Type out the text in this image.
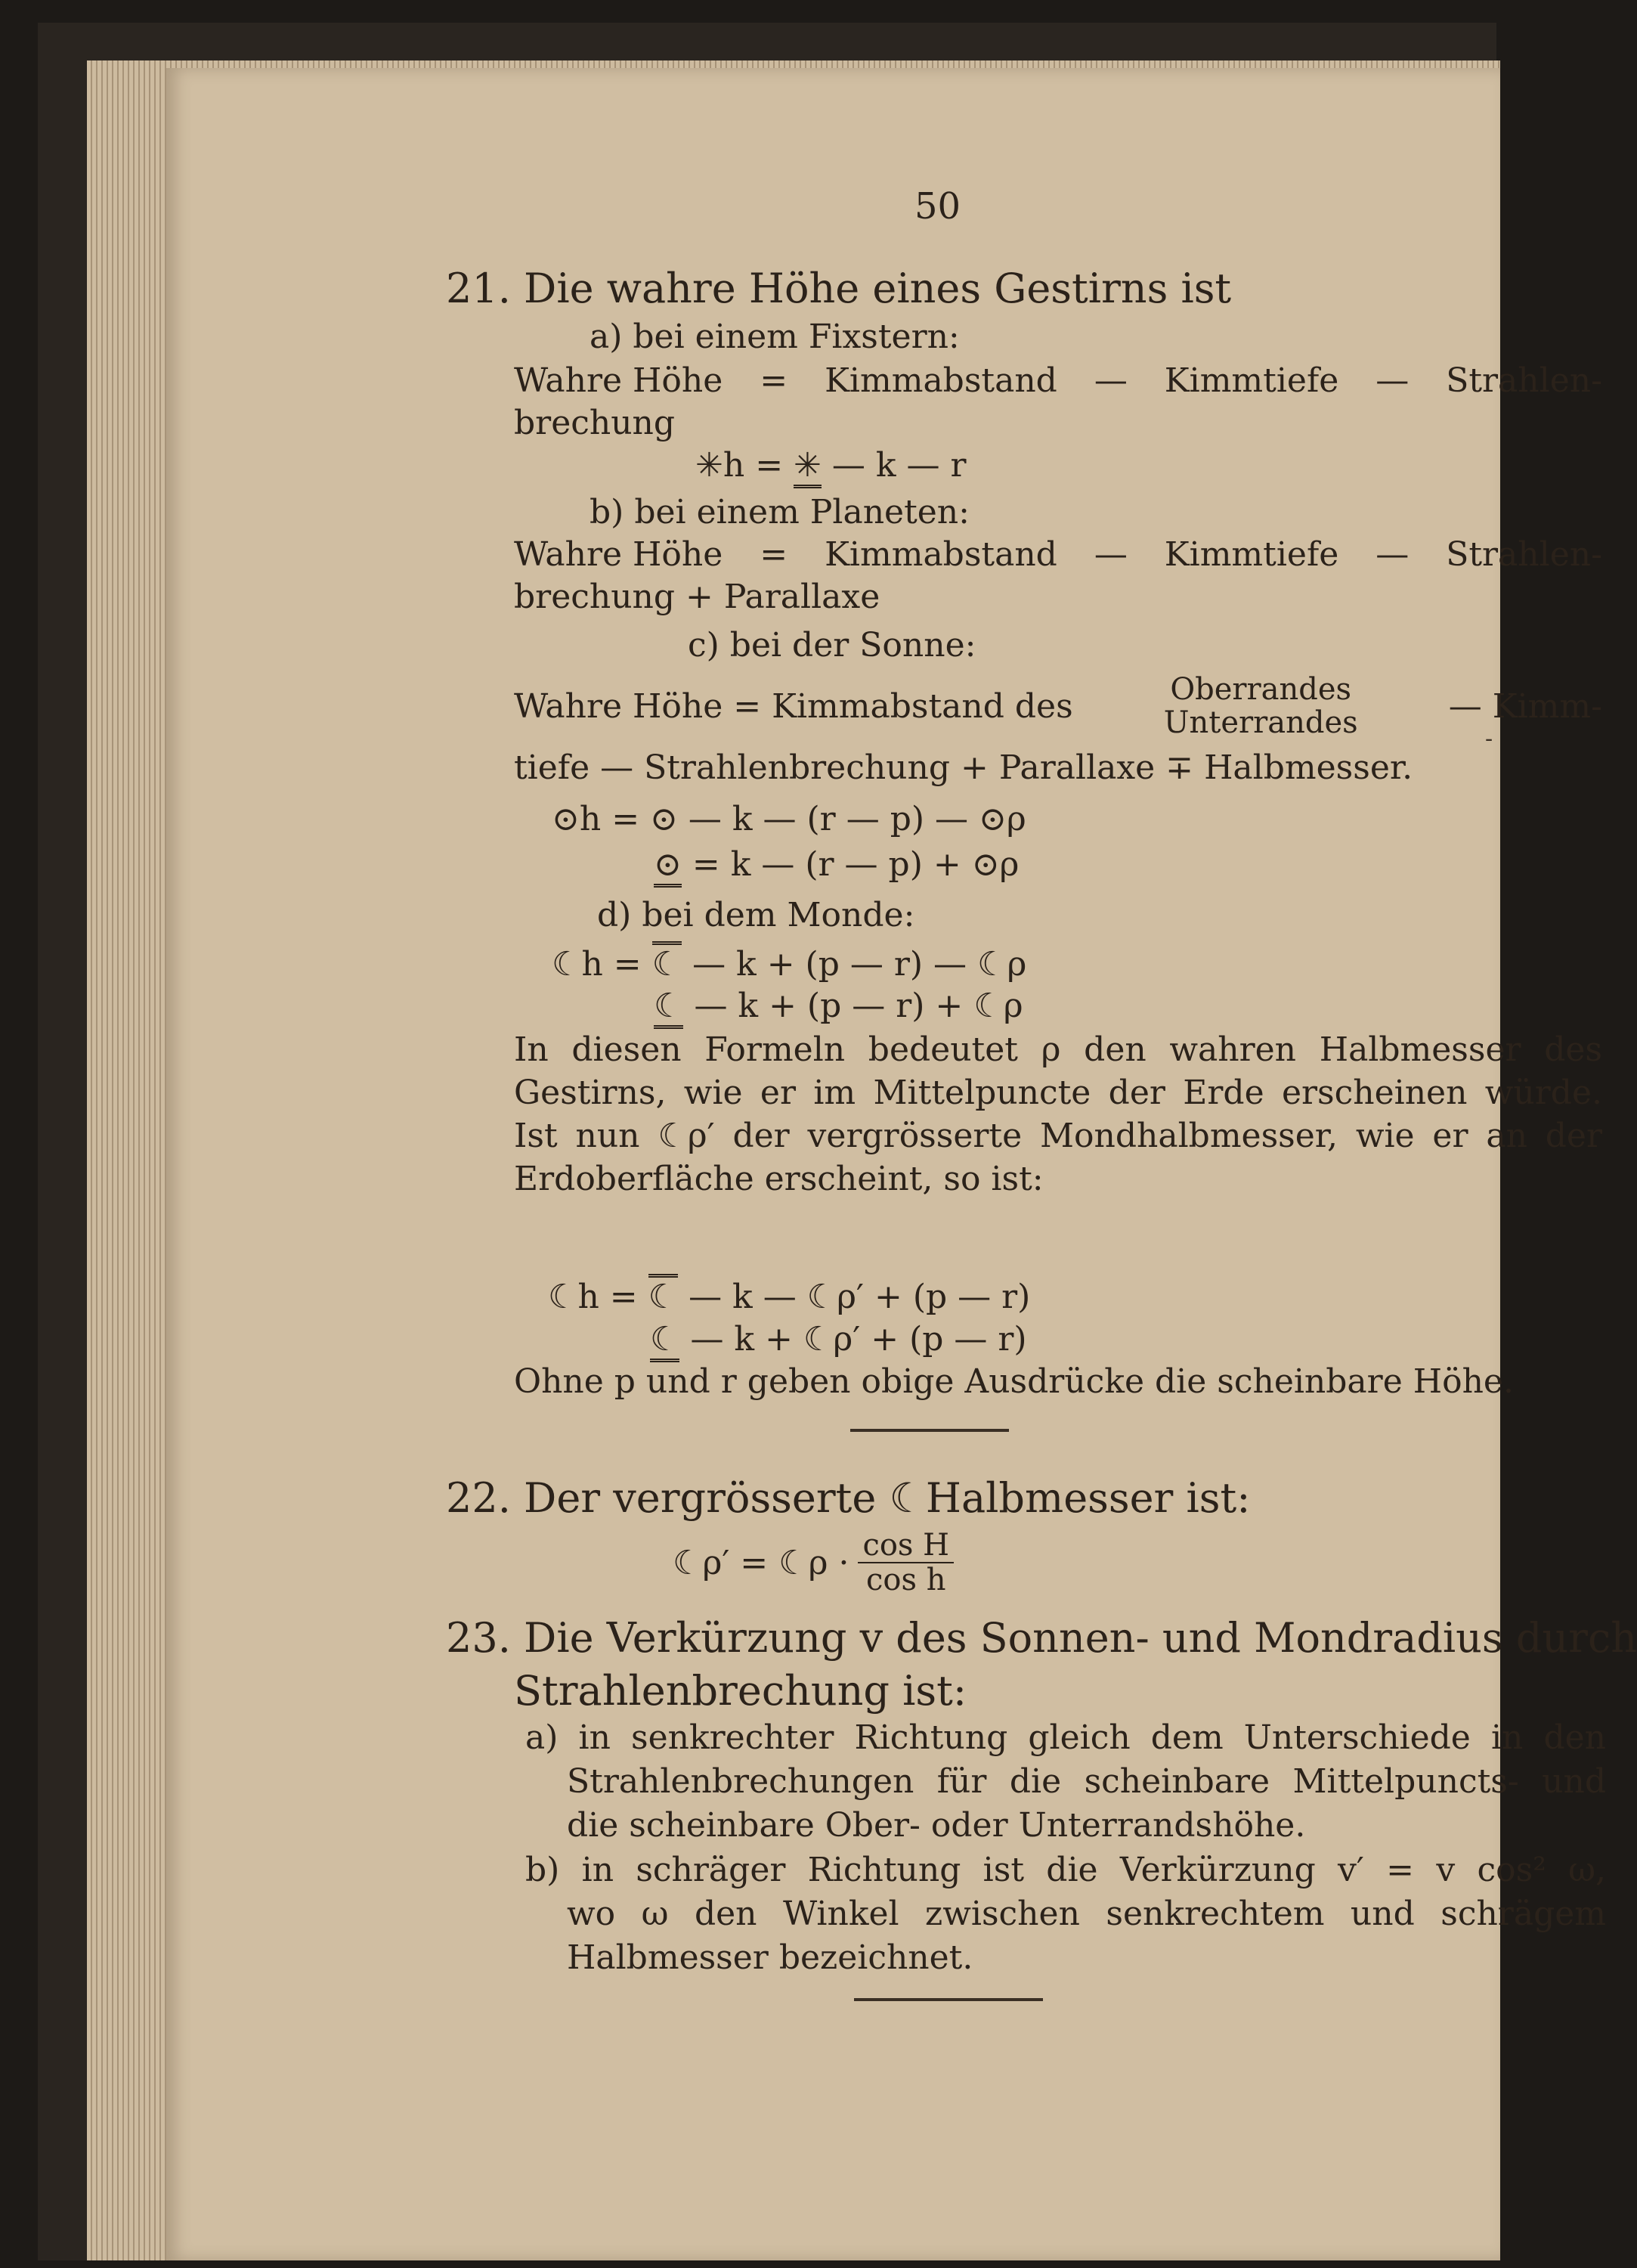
50
21. Die wahre Höhe eines Gestirns ist
a) bei einem Fixstern:
Wahre Höhe = Kimmabstand — Kimmtiefe — Strahlen-
brechung
✳h = ✳ — k — r
b) bei einem Planeten:
Wahre Höhe = Kimmabstand — Kimmtiefe — Strahlen-
brechung + Parallaxe
c) bei der Sonne:
Wahre Höhe = Kimmabstand des	Oberrandes
Unterrandes	— Kimm-
tiefe — Strahlenbrechung + Parallaxe ∓ Halbmesser.
⊙h = ⊙ — k — (r — p) — ⊙ρ
⊙ = k — (r — p) + ⊙ρ
d) bei dem Monde:
☾h = ☾ — k + (p — r) — ☾ρ
☾ — k + (p — r) + ☾ρ
In diesen Formeln bedeutet ρ den wahren Halbmesser des
Gestirns, wie er im Mittelpuncte der Erde erscheinen würde.
Ist nun ☾ρ′ der vergrösserte Mondhalbmesser, wie er an der
Erdoberfläche erscheint, so ist:
☾h = ☾ — k — ☾ρ′ + (p — r)
☾ — k + ☾ρ′ + (p — r)
Ohne p und r geben obige Ausdrücke die scheinbare Höhe.
22. Der vergrösserte ☾Halbmesser ist:
☾ρ′ = ☾ρ · $\frac{\text{cos H}}{\text{cos h}}$
23. Die Verkürzung v des Sonnen- und Mondradius durch
Strahlenbrechung ist:
a) in senkrechter Richtung gleich dem Unterschiede in den
Strahlenbrechungen für die scheinbare Mittelpuncts- und
die scheinbare Ober- oder Unterrandshöhe.
b) in schräger Richtung ist die Verkürzung v′ = v cos² ω,
wo ω den Winkel zwischen senkrechtem und schrägem
Halbmesser bezeichnet.
-
